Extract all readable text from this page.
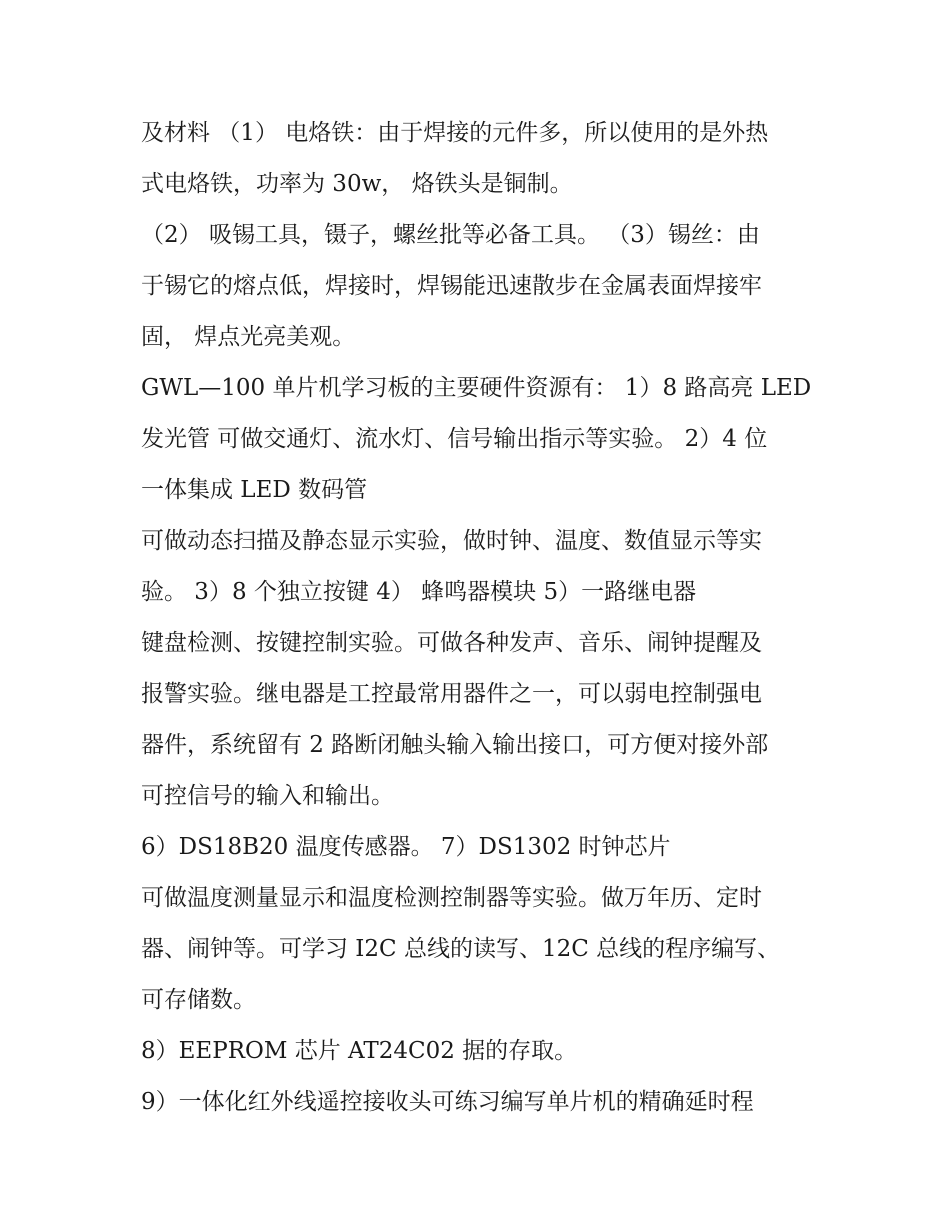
及材料 （1） 电烙铁：由于焊接的元件多，所以使用的是外热
式电烙铁，功率为 30w， 烙铁头是铜制。
（2） 吸锡工具，镊子，螺丝批等必备工具。 （3）锡丝：由
于锡它的熔点低，焊接时，焊锡能迅速散步在金属表面焊接牢
固， 焊点光亮美观。
GWL—100 单片机学习板的主要硬件资源有： 1）8 路高亮 LED
发光管 可做交通灯、流水灯、信号输出指示等实验。 2）4 位
一体集成 LED 数码管
可做动态扫描及静态显示实验，做时钟、温度、数值显示等实
验。 3）8 个独立按键 4） 蜂鸣器模块 5）一路继电器
键盘检测、按键控制实验。可做各种发声、音乐、闹钟提醒及
报警实验。继电器是工控最常用器件之一，可以弱电控制强电
器件，系统留有 2 路断闭触头输入输出接口，可方便对接外部
可控信号的输入和输出。
6）DS18B20 温度传感器。 7）DS1302 时钟芯片
可做温度测量显示和温度检测控制器等实验。做万年历、定时
器、闹钟等。可学习 I2C 总线的读写、12C 总线的程序编写、
可存储数。
8）EEPROM 芯片 AT24C02 据的存取。
9）一体化红外线遥控接收头可练习编写单片机的精确延时程
